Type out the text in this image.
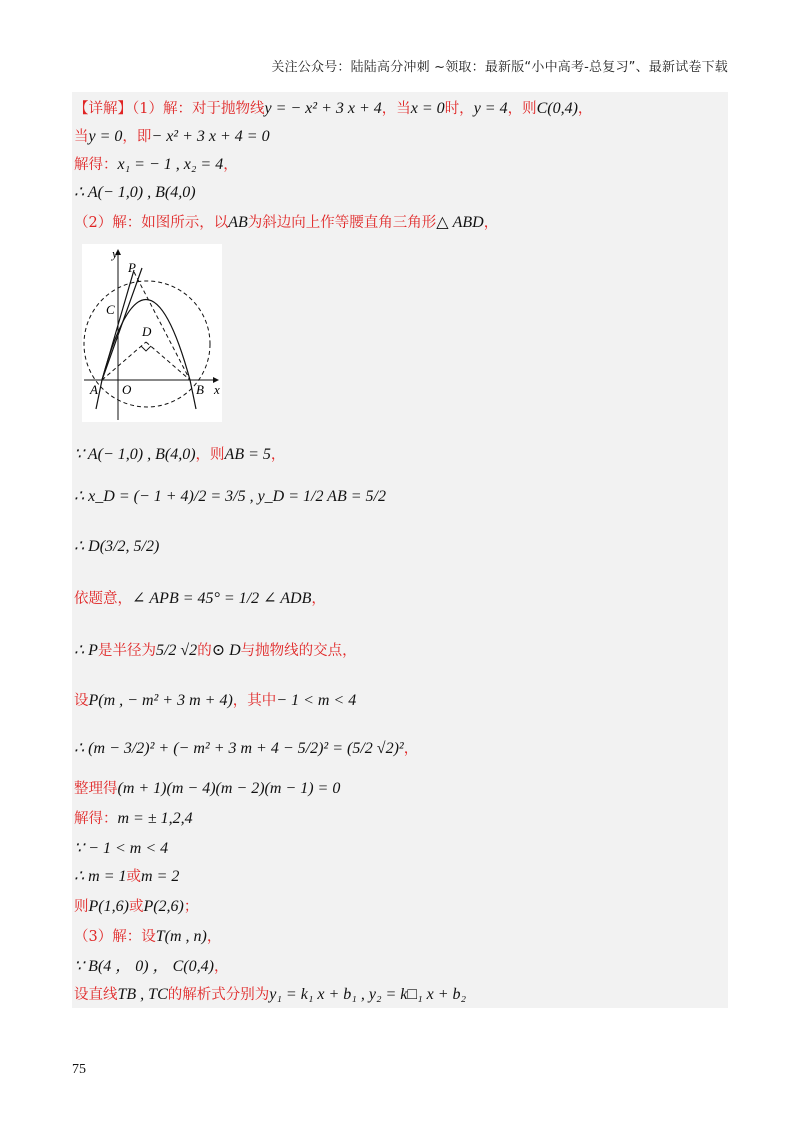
关注公众号：陆陆高分冲刺 ~领取：最新版“小中高考-总复习”、最新试卷下载
【详解】（1）解：对于抛物线y = − x² + 3 x + 4，当x = 0时，y = 4，则C(0,4)，
当y = 0，即− x² + 3 x + 4 = 0
解得：x₁ = − 1 , x₂ = 4，
∴ A(− 1,0) , B(4,0)
（2）解：如图所示，以AB为斜边向上作等腰直角三角形△ ABD，
y
x
P
C
D
A O	B
∵ A(− 1,0) , B(4,0)，则AB = 5，
∴ x_D = (− 1 + 4)/2 = 3/5 , y_D = 1/2 AB = 5/2
∴ D(3/2, 5/2)
依题意，∠ APB = 45° = 1/2 ∠ ADB，
∴ P是半径为5/2 √2的⊙ D与抛物线的交点，
设P(m , − m² + 3 m + 4)，其中− 1 < m < 4
∴ (m − 3/2)² + (− m² + 3 m + 4 − 5/2)² = (5/2 √2)²，
整理得(m + 1)(m − 4)(m − 2)(m − 1) = 0
解得：m = ± 1,2,4
∵ − 1 < m < 4
∴ m = 1或m = 2
则P(1,6)或P(2,6)；
（3）解：设T(m , n)，
∵ B(4 ， 0) ， C(0,4)，
设直线TB , TC的解析式分别为y₁ = k₁ x + b₁ , y₂ = k□₁ x + b₂
75
